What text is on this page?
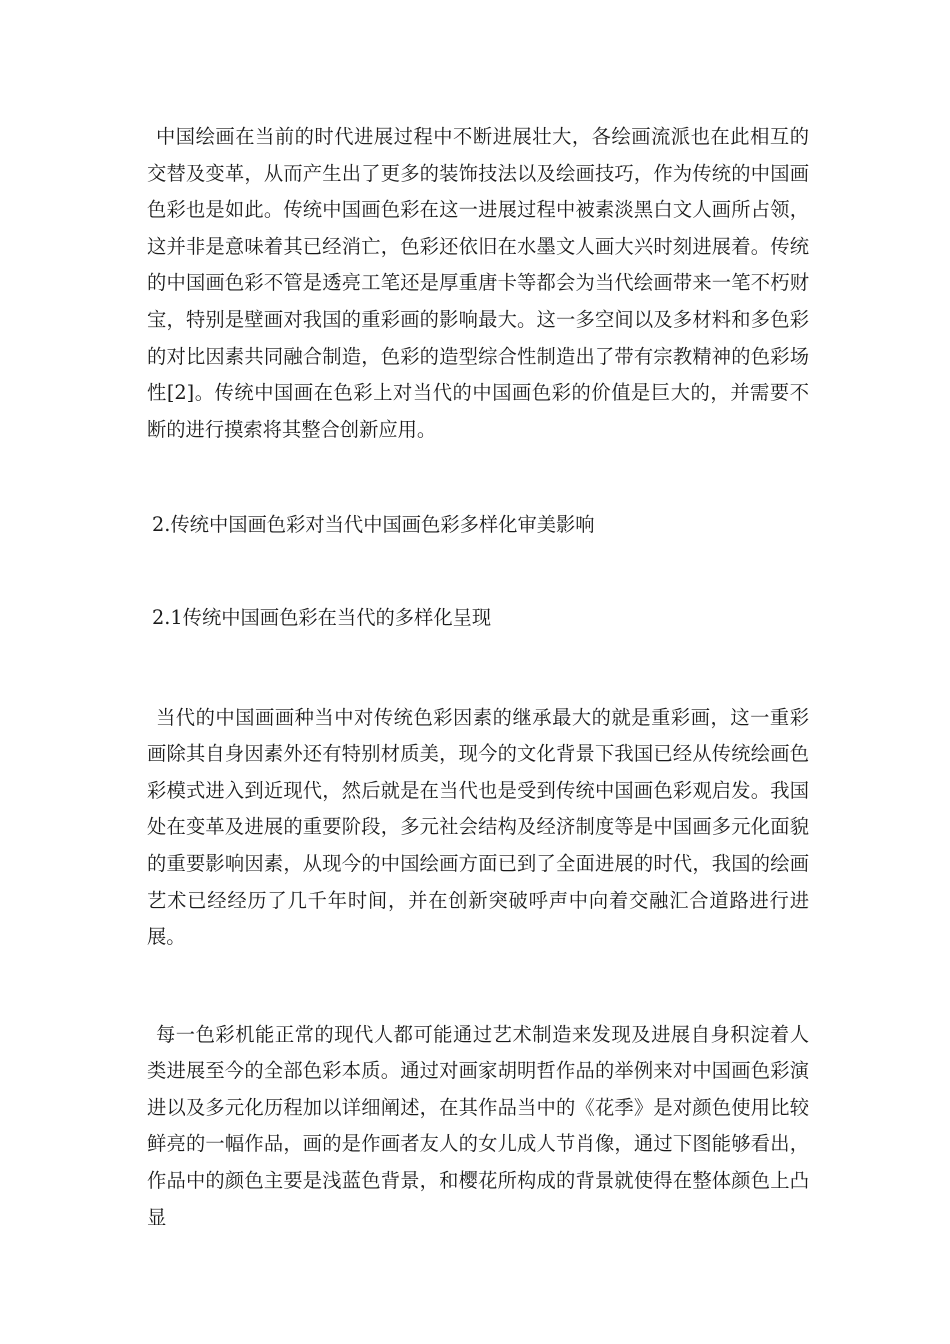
中国绘画在当前的时代进展过程中不断进展壮大，各绘画流派也在此相互的交替及变革，从而产生出了更多的装饰技法以及绘画技巧，作为传统的中国画色彩也是如此。传统中国画色彩在这一进展过程中被素淡黑白文人画所占领，这并非是意味着其已经消亡，色彩还依旧在水墨文人画大兴时刻进展着。传统的中国画色彩不管是透亮工笔还是厚重唐卡等都会为当代绘画带来一笔不朽财宝，特别是壁画对我国的重彩画的影响最大。这一多空间以及多材料和多色彩的对比因素共同融合制造，色彩的造型综合性制造出了带有宗教精神的色彩场性[2]。传统中国画在色彩上对当代的中国画色彩的价值是巨大的，并需要不断的进行摸索将其整合创新应用。

2.传统中国画色彩对当代中国画色彩多样化审美影响

2.1传统中国画色彩在当代的多样化呈现

当代的中国画画种当中对传统色彩因素的继承最大的就是重彩画，这一重彩画除其自身因素外还有特别材质美，现今的文化背景下我国已经从传统绘画色彩模式进入到近现代，然后就是在当代也是受到传统中国画色彩观启发。我国处在变革及进展的重要阶段，多元社会结构及经济制度等是中国画多元化面貌的重要影响因素，从现今的中国绘画方面已到了全面进展的时代，我国的绘画艺术已经经历了几千年时间，并在创新突破呼声中向着交融汇合道路进行进展。

每一色彩机能正常的现代人都可能通过艺术制造来发现及进展自身积淀着人类进展至今的全部色彩本质。通过对画家胡明哲作品的举例来对中国画色彩演进以及多元化历程加以详细阐述，在其作品当中的《花季》是对颜色使用比较鲜亮的一幅作品，画的是作画者友人的女儿成人节肖像，通过下图能够看出，作品中的颜色主要是浅蓝色背景，和樱花所构成的背景就使得在整体颜色上凸显
